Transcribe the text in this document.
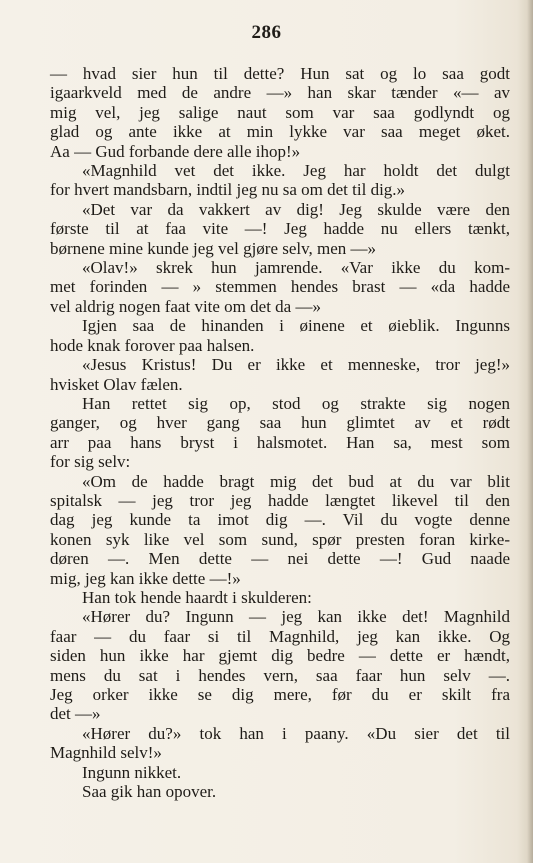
286
— hvad sier hun til dette? Hun sat og lo saa godt
igaarkveld med de andre —» han skar tænder «— av
mig vel, jeg salige naut som var saa godlyndt og
glad og ante ikke at min lykke var saa meget øket.
Aa — Gud forbande dere alle ihop!»
«Magnhild vet det ikke. Jeg har holdt det dulgt
for hvert mandsbarn, indtil jeg nu sa om det til dig.»
«Det var da vakkert av dig! Jeg skulde være den
første til at faa vite —! Jeg hadde nu ellers tænkt,
børnene mine kunde jeg vel gjøre selv, men —»
«Olav!» skrek hun jamrende. «Var ikke du kom-
met forinden — » stemmen hendes brast — «da hadde
vel aldrig nogen faat vite om det da —»
Igjen saa de hinanden i øinene et øieblik. Ingunns
hode knak forover paa halsen.
«Jesus Kristus! Du er ikke et menneske, tror jeg!»
hvisket Olav fælen.
Han rettet sig op, stod og strakte sig nogen
ganger, og hver gang saa hun glimtet av et rødt
arr paa hans bryst i halsmotet. Han sa, mest som
for sig selv:
«Om de hadde bragt mig det bud at du var blit
spitalsk — jeg tror jeg hadde længtet likevel til den
dag jeg kunde ta imot dig —. Vil du vogte denne
konen syk like vel som sund, spør presten foran kirke-
døren —. Men dette — nei dette —! Gud naade
mig, jeg kan ikke dette —!»
Han tok hende haardt i skulderen:
«Hører du? Ingunn — jeg kan ikke det! Magnhild
faar — du faar si til Magnhild, jeg kan ikke. Og
siden hun ikke har gjemt dig bedre — dette er hændt,
mens du sat i hendes vern, saa faar hun selv —.
Jeg orker ikke se dig mere, før du er skilt fra
det —»
«Hører du?» tok han i paany. «Du sier det til
Magnhild selv!»
Ingunn nikket.
Saa gik han opover.
